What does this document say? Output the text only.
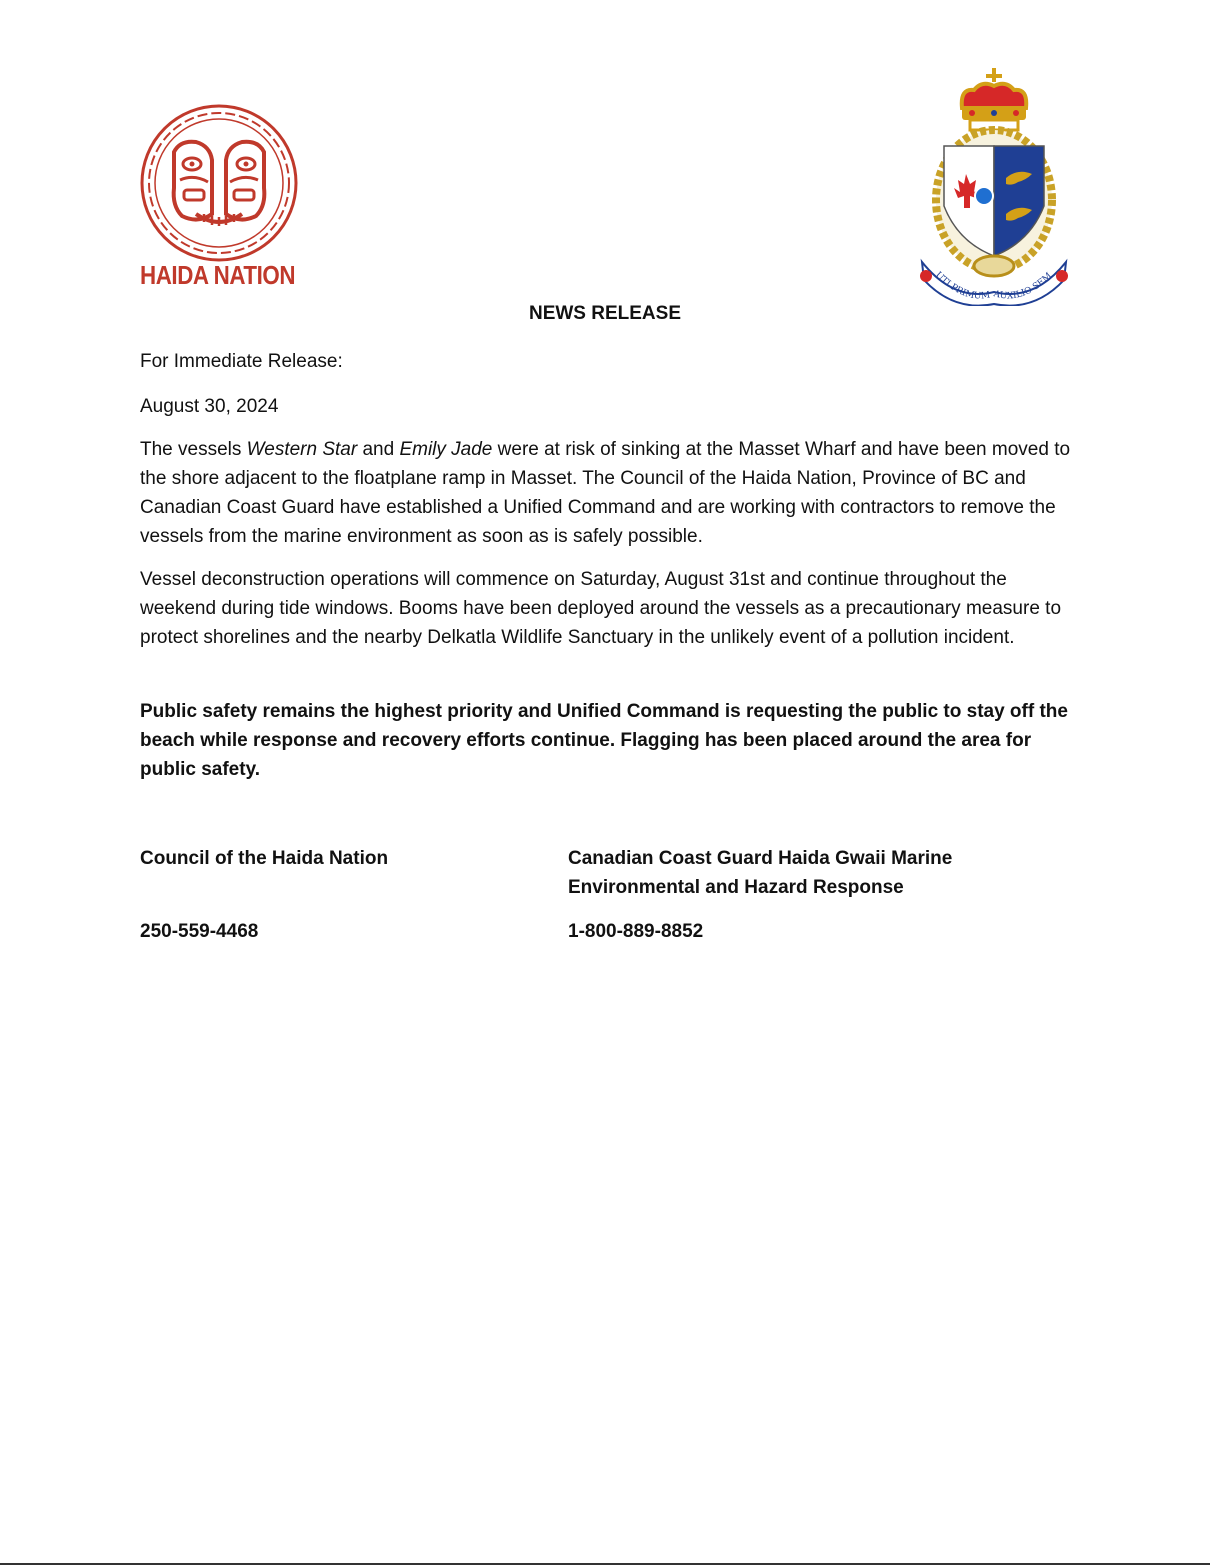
HAIDA NATION	UTI PRIMUM AUXILIO SEM
NEWS RELEASE
For Immediate Release:
August 30, 2024
The vessels Western Star and Emily Jade were at risk of sinking at the Masset Wharf and have been moved to the shore adjacent to the floatplane ramp in Masset. The Council of the Haida Nation, Province of BC and Canadian Coast Guard have established a Unified Command and are working with contractors to remove the vessels from the marine environment as soon as is safely possible.
Vessel deconstruction operations will commence on Saturday, August 31st and continue throughout the weekend during tide windows. Booms have been deployed around the vessels as a precautionary measure to protect shorelines and the nearby Delkatla Wildlife Sanctuary in the unlikely event of a pollution incident.
Public safety remains the highest priority and Unified Command is requesting the public to stay off the beach while response and recovery efforts continue. Flagging has been placed around the area for public safety.
Council of the Haida Nation	Canadian Coast Guard Haida Gwaii Marine Environmental and Hazard Response
250-559-4468	1-800-889-8852
